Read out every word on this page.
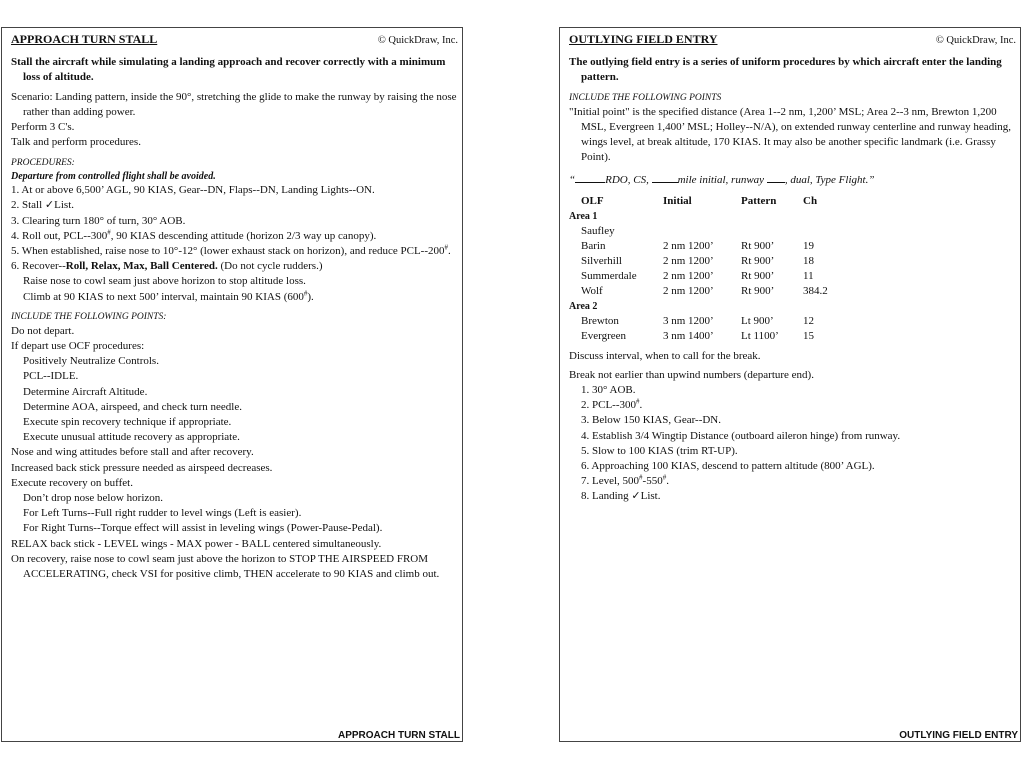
APPROACH TURN STALL	© QuickDraw, Inc.
Stall the aircraft while simulating a landing approach and recover correctly with a minimum loss of altitude.
Scenario: Landing pattern, inside the 90°, stretching the glide to make the runway by raising the nose rather than adding power.
Perform 3 C's.
Talk and perform procedures.
PROCEDURES:
Departure from controlled flight shall be avoided.
1. At or above 6,500’ AGL, 90 KIAS, Gear--DN, Flaps--DN, Landing Lights--ON.
2. Stall ✓List.
3. Clearing turn 180° of turn, 30° AOB.
4. Roll out, PCL--300#, 90 KIAS descending attitude (horizon 2/3 way up canopy).
5. When established, raise nose to 10°-12° (lower exhaust stack on horizon), and reduce PCL--200#.
6. Recover--Roll, Relax, Max, Ball Centered. (Do not cycle rudders.)
Raise nose to cowl seam just above horizon to stop altitude loss.
Climb at 90 KIAS to next 500’ interval, maintain 90 KIAS (600#).
INCLUDE THE FOLLOWING POINTS:
Do not depart.
If depart use OCF procedures:
Positively Neutralize Controls.
PCL--IDLE.
Determine Aircraft Altitude.
Determine AOA, airspeed, and check turn needle.
Execute spin recovery technique if appropriate.
Execute unusual attitude recovery as appropriate.
Nose and wing attitudes before stall and after recovery.
Increased back stick pressure needed as airspeed decreases.
Execute recovery on buffet.
Don’t drop nose below horizon.
For Left Turns--Full right rudder to level wings (Left is easier).
For Right Turns--Torque effect will assist in leveling wings (Power-Pause-Pedal).
RELAX back stick - LEVEL wings - MAX power - BALL centered simultaneously.
On recovery, raise nose to cowl seam just above the horizon to STOP THE AIRSPEED FROM ACCELERATING, check VSI for positive climb, THEN accelerate to 90 KIAS and climb out.
APPROACH TURN STALL
OUTLYING FIELD ENTRY	© QuickDraw, Inc.
The outlying field entry is a series of uniform procedures by which aircraft enter the landing pattern.
INCLUDE THE FOLLOWING POINTS
"Initial point" is the specified distance (Area 1--2 nm, 1,200’ MSL; Area 2--3 nm, Brewton 1,200 MSL, Evergreen 1,400’ MSL; Holley--N/A), on extended runway centerline and runway heading, wings level, at break altitude, 170 KIAS. It may also be another specific landmark (i.e. Grassy Point).
“	RDO, CS, mile initial, runway , dual, Type Flight.”
OLF	Initial	Pattern	Ch
Area 1			
Saufley			
Barin	2 nm 1200’	Rt 900’	19
Silverhill	2 nm 1200’	Rt 900’	18
Summerdale	2 nm 1200’	Rt 900’	11
Wolf	2 nm 1200’	Rt 900’	384.2
Area 2			
Brewton	3 nm 1200’	Lt 900’	12
Evergreen	3 nm 1400’	Lt 1100’	15
Discuss interval, when to call for the break.
Break not earlier than upwind numbers (departure end).
1. 30° AOB.
2. PCL--300#.
3. Below 150 KIAS, Gear--DN.
4. Establish 3/4 Wingtip Distance (outboard aileron hinge) from runway.
5. Slow to 100 KIAS (trim RT-UP).
6. Approaching 100 KIAS, descend to pattern altitude (800’ AGL).
7. Level, 500#-550#.
8. Landing ✓List.
OUTLYING FIELD ENTRY
